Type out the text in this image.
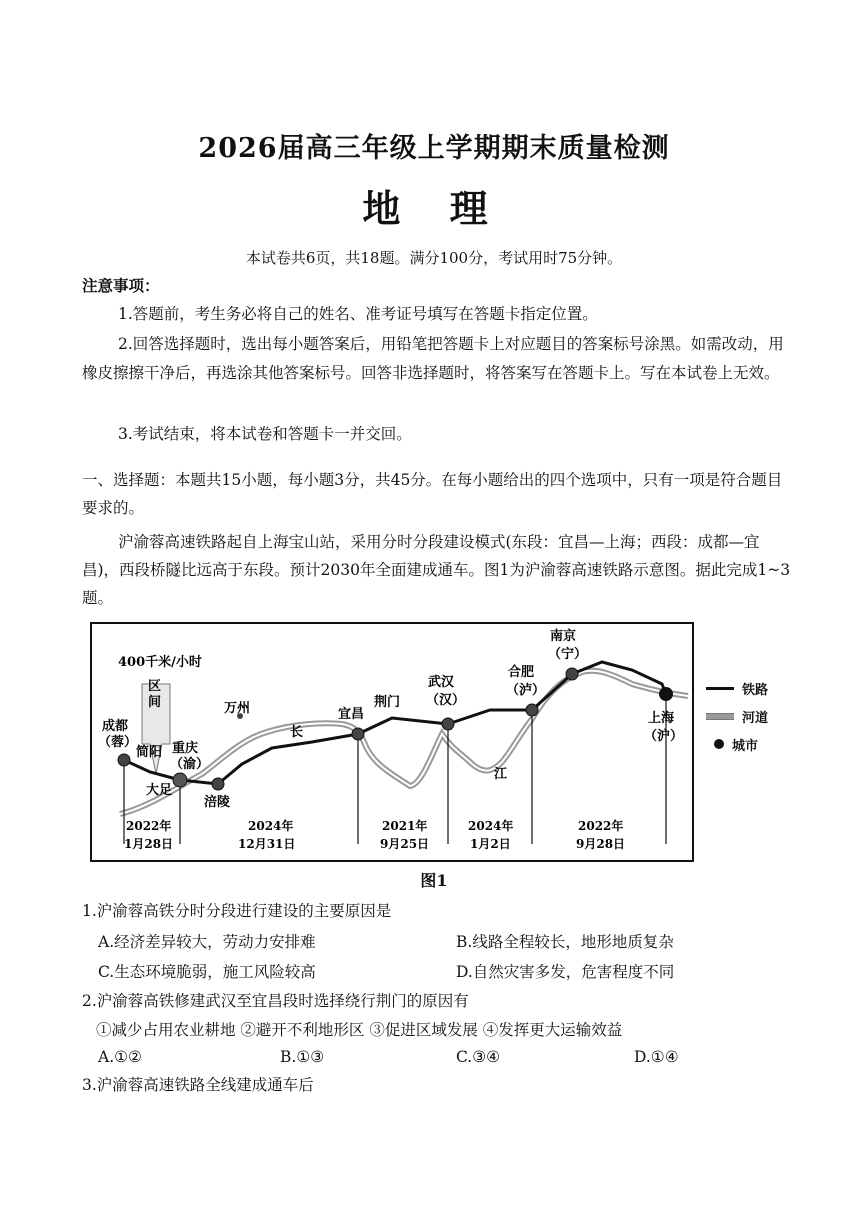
2026届高三年级上学期期末质量检测
地 理
本试卷共6页，共18题。满分100分，考试用时75分钟。
注意事项：
1.答题前，考生务必将自己的姓名、准考证号填写在答题卡指定位置。
2.回答选择题时，选出每小题答案后，用铅笔把答题卡上对应题目的答案标号涂黑。如需改动，用橡皮擦擦干净后，再选涂其他答案标号。回答非选择题时，将答案写在答题卡上。写在本试卷上无效。
3.考试结束，将本试卷和答题卡一并交回。
一、选择题：本题共15小题，每小题3分，共45分。在每小题给出的四个选项中，只有一项是符合题目要求的。
沪渝蓉高速铁路起自上海宝山站，采用分时分段建设模式(东段：宜昌—上海；西段：成都—宜昌)，西段桥隧比远高于东段。预计2030年全面建成通车。图1为沪渝蓉高速铁路示意图。据此完成1~3题。
400千米/小时
区
间
成都
（蓉）
简阳
大足
重庆
（渝）
万州
涪陵
宜昌
荆门
武汉
（汉）
合肥
（泸）
南京
（宁）
上海
（沪）
长
江
2022年
1月28日
2024年
12月31日
2021年
9月25日
2024年
1月2日
2022年
9月28日
铁路
河道
城市
图1
1.沪渝蓉高铁分时分段进行建设的主要原因是
A.经济差异较大，劳动力安排难	B.线路全程较长，地形地质复杂
C.生态环境脆弱，施工风险较高	D.自然灾害多发，危害程度不同
2.沪渝蓉高铁修建武汉至宜昌段时选择绕行荆门的原因有
①减少占用农业耕地 ②避开不利地形区 ③促进区域发展 ④发挥更大运输效益
A.①②	B.①③	C.③④	D.①④
3.沪渝蓉高速铁路全线建成通车后
